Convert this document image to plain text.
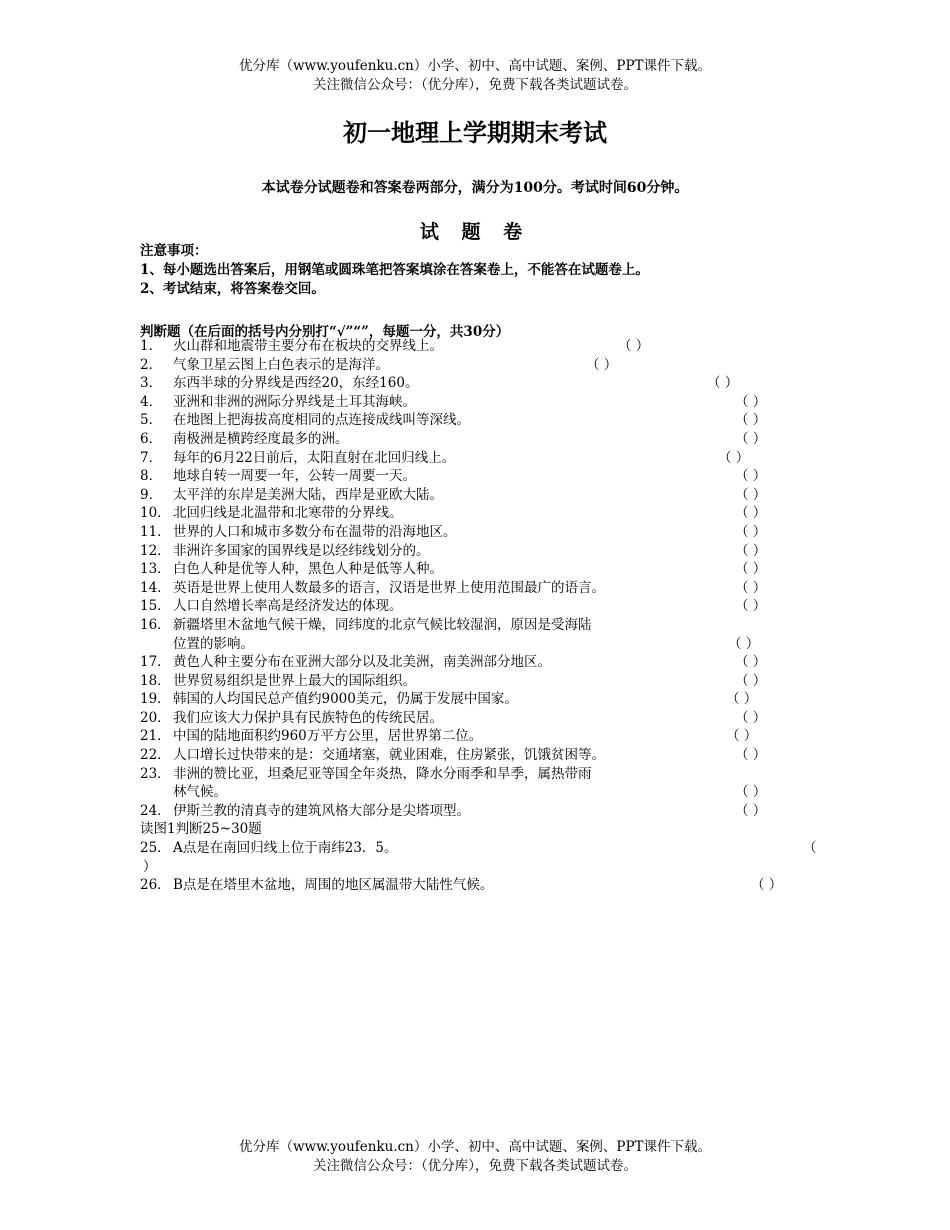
优分库（www.youfenku.cn）小学、初中、高中试题、案例、PPT课件下载。
关注微信公众号：（优分库），免费下载各类试题试卷。
初一地理上学期期末考试
本试卷分试题卷和答案卷两部分，满分为100分。考试时间60分钟。
试 题 卷
注意事项：
1、每小题选出答案后，用钢笔或圆珠笔把答案填涂在答案卷上，不能答在试题卷上。
2、考试结束，将答案卷交回。
判断题（在后面的括号内分别打“√”“”，每题一分，共30分）
1． 火山群和地震带主要分布在板块的交界线上。	（ ）
2． 气象卫星云图上白色表示的是海洋。	（ ）
3． 东西半球的分界线是西经20，东经160。	（ ）
4． 亚洲和非洲的洲际分界线是土耳其海峡。	（ ）
5． 在地图上把海拔高度相同的点连接成线叫等深线。	（ ）
6． 南极洲是横跨经度最多的洲。	（ ）
7． 每年的6月22日前后，太阳直射在北回归线上。	（ ）
8． 地球自转一周要一年，公转一周要一天。	（ ）
9． 太平洋的东岸是美洲大陆，西岸是亚欧大陆。	（ ）
10． 北回归线是北温带和北寒带的分界线。	（ ）
11． 世界的人口和城市多数分布在温带的沿海地区。	（ ）
12． 非洲许多国家的国界线是以经纬线划分的。	（ ）
13． 白色人种是优等人种，黑色人种是低等人种。	（ ）
14． 英语是世界上使用人数最多的语言，汉语是世界上使用范围最广的语言。	（ ）
15． 人口自然增长率高是经济发达的体现。	（ ）
16． 新疆塔里木盆地气候干燥，同纬度的北京气候比较湿润，原因是受海陆
位置的影响。	（ ）
17． 黄色人种主要分布在亚洲大部分以及北美洲，南美洲部分地区。	（ ）
18． 世界贸易组织是世界上最大的国际组织。	（ ）
19． 韩国的人均国民总产值约9000美元，仍属于发展中国家。	（ ）
20． 我们应该大力保护具有民族特色的传统民居。	（ ）
21． 中国的陆地面积约960万平方公里，居世界第二位。	（ ）
22． 人口增长过快带来的是：交通堵塞，就业困难，住房紧张，饥饿贫困等。	（ ）
23． 非洲的赞比亚，坦桑尼亚等国全年炎热，降水分雨季和旱季，属热带雨
林气候。	（ ）
24． 伊斯兰教的清真寺的建筑风格大部分是尖塔项型。	（ ）
读图1判断25~30题
25． A点是在南回归线上位于南纬23．5。	（
）
26． B点是在塔里木盆地，周围的地区属温带大陆性气候。	（ ）
优分库（www.youfenku.cn）小学、初中、高中试题、案例、PPT课件下载。
关注微信公众号：（优分库），免费下载各类试题试卷。
